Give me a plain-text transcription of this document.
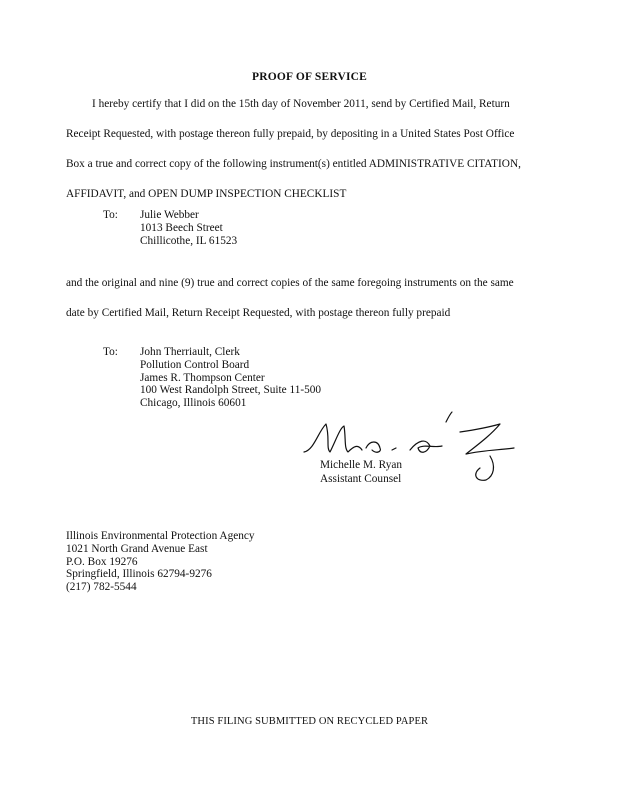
PROOF OF SERVICE
I hereby certify that I did on the 15th day of November 2011, send by Certified Mail, Return
Receipt Requested, with postage thereon fully prepaid, by depositing in a United States Post Office
Box a true and correct copy of the following instrument(s) entitled ADMINISTRATIVE CITATION,
AFFIDAVIT, and OPEN DUMP INSPECTION CHECKLIST
To: Julie Webber
1013 Beech Street
Chillicothe, IL 61523
and the original and nine (9) true and correct copies of the same foregoing instruments on the same
date by Certified Mail, Return Receipt Requested, with postage thereon fully prepaid
To: John Therriault, Clerk
Pollution Control Board
James R. Thompson Center
100 West Randolph Street, Suite 11-500
Chicago, Illinois 60601
Michelle M. Ryan
Assistant Counsel
Illinois Environmental Protection Agency
1021 North Grand Avenue East
P.O. Box 19276
Springfield, Illinois 62794-9276
(217) 782-5544
THIS FILING SUBMITTED ON RECYCLED PAPER
